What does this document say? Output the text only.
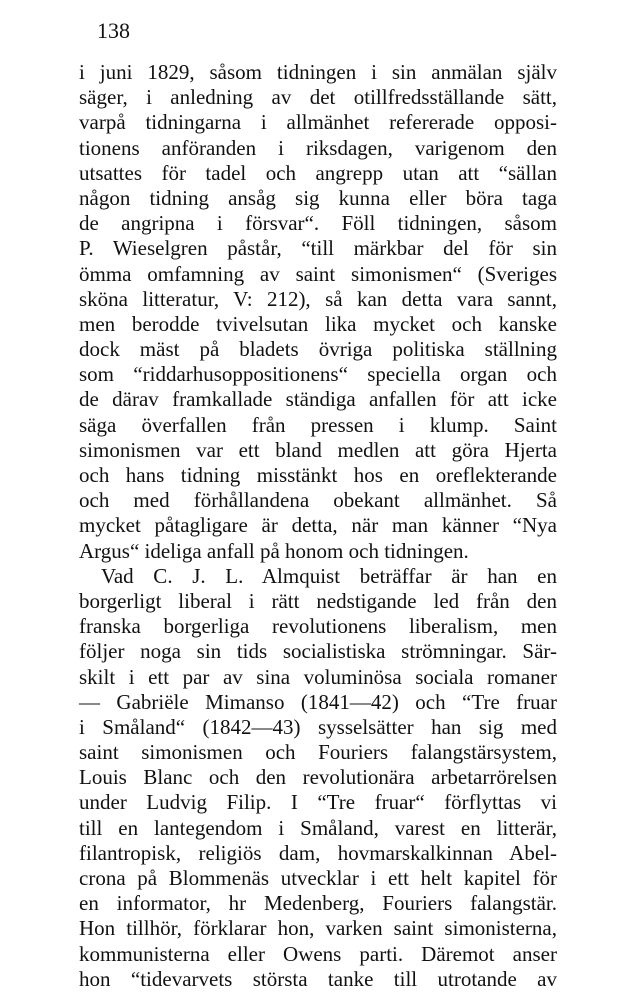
138
i juni 1829, såsom tidningen i sin anmälan själv
säger, i anledning av det otillfredsställande sätt,
varpå tidningarna i allmänhet refererade opposi-
tionens anföranden i riksdagen, varigenom den
utsattes för tadel och angrepp utan att “sällan
någon tidning ansåg sig kunna eller böra taga
de angripna i försvar“. Föll tidningen, såsom
P. Wieselgren påstår, “till märkbar del för sin
ömma omfamning av saint simonismen“ (Sveriges
sköna litteratur, V: 212), så kan detta vara sannt,
men berodde tvivelsutan lika mycket och kanske
dock mäst på bladets övriga politiska ställning
som “riddarhusoppositionens“ speciella organ och
de därav framkallade ständiga anfallen för att icke
säga överfallen från pressen i klump. Saint
simonismen var ett bland medlen att göra Hjerta
och hans tidning misstänkt hos en oreflekterande
och med förhållandena obekant allmänhet. Så
mycket påtagligare är detta, när man känner “Nya
Argus“ ideliga anfall på honom och tidningen.
Vad C. J. L. Almquist beträffar är han en
borgerligt liberal i rätt nedstigande led från den
franska borgerliga revolutionens liberalism, men
följer noga sin tids socialistiska strömningar. Sär-
skilt i ett par av sina voluminösa sociala romaner
— Gabriële Mimanso (1841—42) och “Tre fruar
i Småland“ (1842—43) sysselsätter han sig med
saint simonismen och Fouriers falangstärsystem,
Louis Blanc och den revolutionära arbetarrörelsen
under Ludvig Filip. I “Tre fruar“ förflyttas vi
till en lantegendom i Småland, varest en litterär,
filantropisk, religiös dam, hovmarskalkinnan Abel-
crona på Blommenäs utvecklar i ett helt kapitel för
en informator, hr Medenberg, Fouriers falangstär.
Hon tillhör, förklarar hon, varken saint simonisterna,
kommunisterna eller Owens parti. Däremot anser
hon “tidevarvets största tanke till utrotande av
